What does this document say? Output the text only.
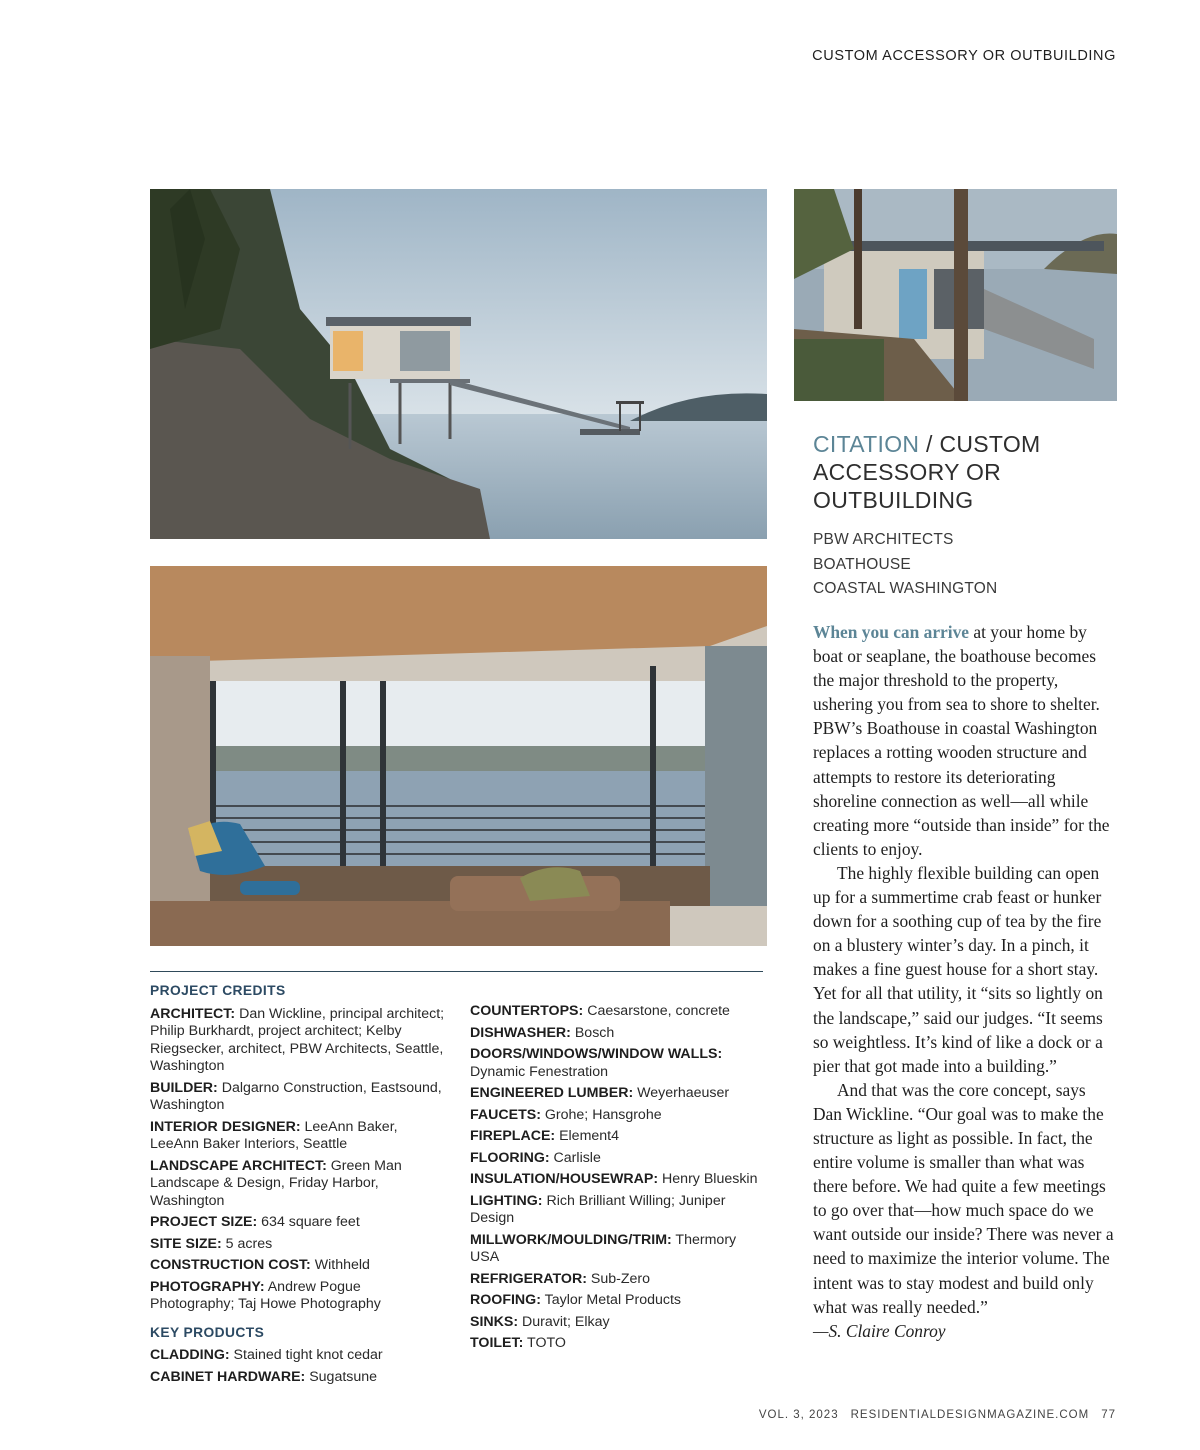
CUSTOM ACCESSORY OR OUTBUILDING
CITATION / CUSTOM ACCESSORY OR OUTBUILDING
PBW ARCHITECTS
BOATHOUSE
COASTAL WASHINGTON

When you can arrive at your home by boat or seaplane, the boathouse becomes the major threshold to the property, ushering you from sea to shore to shelter. PBW’s Boathouse in coastal Washington replaces a rotting wooden structure and attempts to restore its deteriorating shoreline connection as well—all while creating more “outside than inside” for the clients to enjoy.

The highly flexible building can open up for a summertime crab feast or hunker down for a soothing cup of tea by the fire on a blustery winter’s day. In a pinch, it makes a fine guest house for a short stay. Yet for all that utility, it “sits so lightly on the landscape,” said our judges. “It seems so weightless. It’s kind of like a dock or a pier that got made into a building.”

And that was the core concept, says Dan Wickline. “Our goal was to make the structure as light as possible. In fact, the entire volume is smaller than what was there before. We had quite a few meetings to go over that—how much space do we want outside our inside? There was never a need to maximize the interior volume. The intent was to stay modest and build only what was really needed.”

—S. Claire Conroy

PROJECT CREDITS
ARCHITECT: Dan Wickline, principal architect; Philip Burkhardt, project architect; Kelby Riegsecker, architect, PBW Architects, Seattle, Washington
BUILDER: Dalgarno Construction, Eastsound, Washington
INTERIOR DESIGNER: LeeAnn Baker, LeeAnn Baker Interiors, Seattle
LANDSCAPE ARCHITECT: Green Man Landscape & Design, Friday Harbor, Washington
PROJECT SIZE: 634 square feet
SITE SIZE: 5 acres
CONSTRUCTION COST: Withheld
PHOTOGRAPHY: Andrew Pogue Photography; Taj Howe Photography
KEY PRODUCTS
CLADDING: Stained tight knot cedar
CABINET HARDWARE: Sugatsune
COUNTERTOPS: Caesarstone, concrete
DISHWASHER: Bosch
DOORS/WINDOWS/WINDOW WALLS: Dynamic Fenestration
ENGINEERED LUMBER: Weyerhaeuser
FAUCETS: Grohe; Hansgrohe
FIREPLACE: Element4
FLOORING: Carlisle
INSULATION/HOUSEWRAP: Henry Blueskin
LIGHTING: Rich Brilliant Willing; Juniper Design
MILLWORK/MOULDING/TRIM: Thermory USA
REFRIGERATOR: Sub-Zero
ROOFING: Taylor Metal Products
SINKS: Duravit; Elkay
TOILET: TOTO
VOL. 3, 2023 RESIDENTIALDESIGNMAGAZINE.COM 77
